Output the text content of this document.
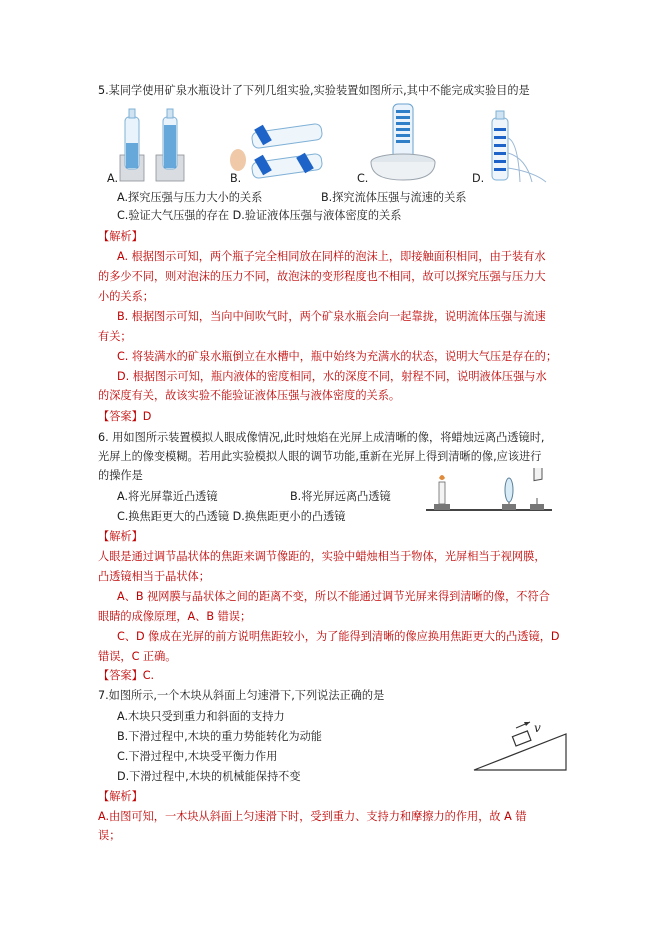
5.某同学使用矿泉水瓶设计了下列几组实验,实验装置如图所示,其中不能完成实验目的是
A.	B.	C.	D.
A.探究压强与压力大小的关系	B.探究流体压强与流速的关系
C.验证大气压强的存在 D.验证液体压强与液体密度的关系
【解析】
A. 根据图示可知，两个瓶子完全相同放在同样的泡沫上，即接触面积相同，由于装有水
的多少不同，则对泡沫的压力不同，故泡沫的变形程度也不相同，故可以探究压强与压力大
小的关系；
B. 根据图示可知，当向中间吹气时，两个矿泉水瓶会向一起靠拢，说明流体压强与流速
有关；
C. 将装满水的矿泉水瓶倒立在水槽中，瓶中始终为充满水的状态，说明大气压是存在的；
D. 根据图示可知，瓶内液体的密度相同，水的深度不同，射程不同，说明液体压强与水
的深度有关，故该实验不能验证液体压强与液体密度的关系。
【答案】D
6. 用如图所示装置模拟人眼成像情况,此时烛焰在光屏上成清晰的像，将蜡烛远离凸透镜时,
光屏上的像变模糊。若用此实验模拟人眼的调节功能,重新在光屏上得到清晰的像,应该进行
的操作是
A.将光屏靠近凸透镜	B.将光屏远离凸透镜
C.换焦距更大的凸透镜 D.换焦距更小的凸透镜
【解析】
人眼是通过调节晶状体的焦距来调节像距的，实验中蜡烛相当于物体，光屏相当于视网膜，
凸透镜相当于晶状体；
A、B 视网膜与晶状体之间的距离不变，所以不能通过调节光屏来得到清晰的像，不符合
眼睛的成像原理，A、B 错误；
C、D 像成在光屏的前方说明焦距较小，为了能得到清晰的像应换用焦距更大的凸透镜，D
错误，C 正确。
【答案】C.
7.如图所示,一个木块从斜面上匀速滑下,下列说法正确的是
A.木块只受到重力和斜面的支持力
B.下滑过程中,木块的重力势能转化为动能
C.下滑过程中,木块受平衡力作用
D.下滑过程中,木块的机械能保持不变
v
【解析】
A.由图可知，一木块从斜面上匀速滑下时，受到重力、支持力和摩擦力的作用，故 A 错
误；
